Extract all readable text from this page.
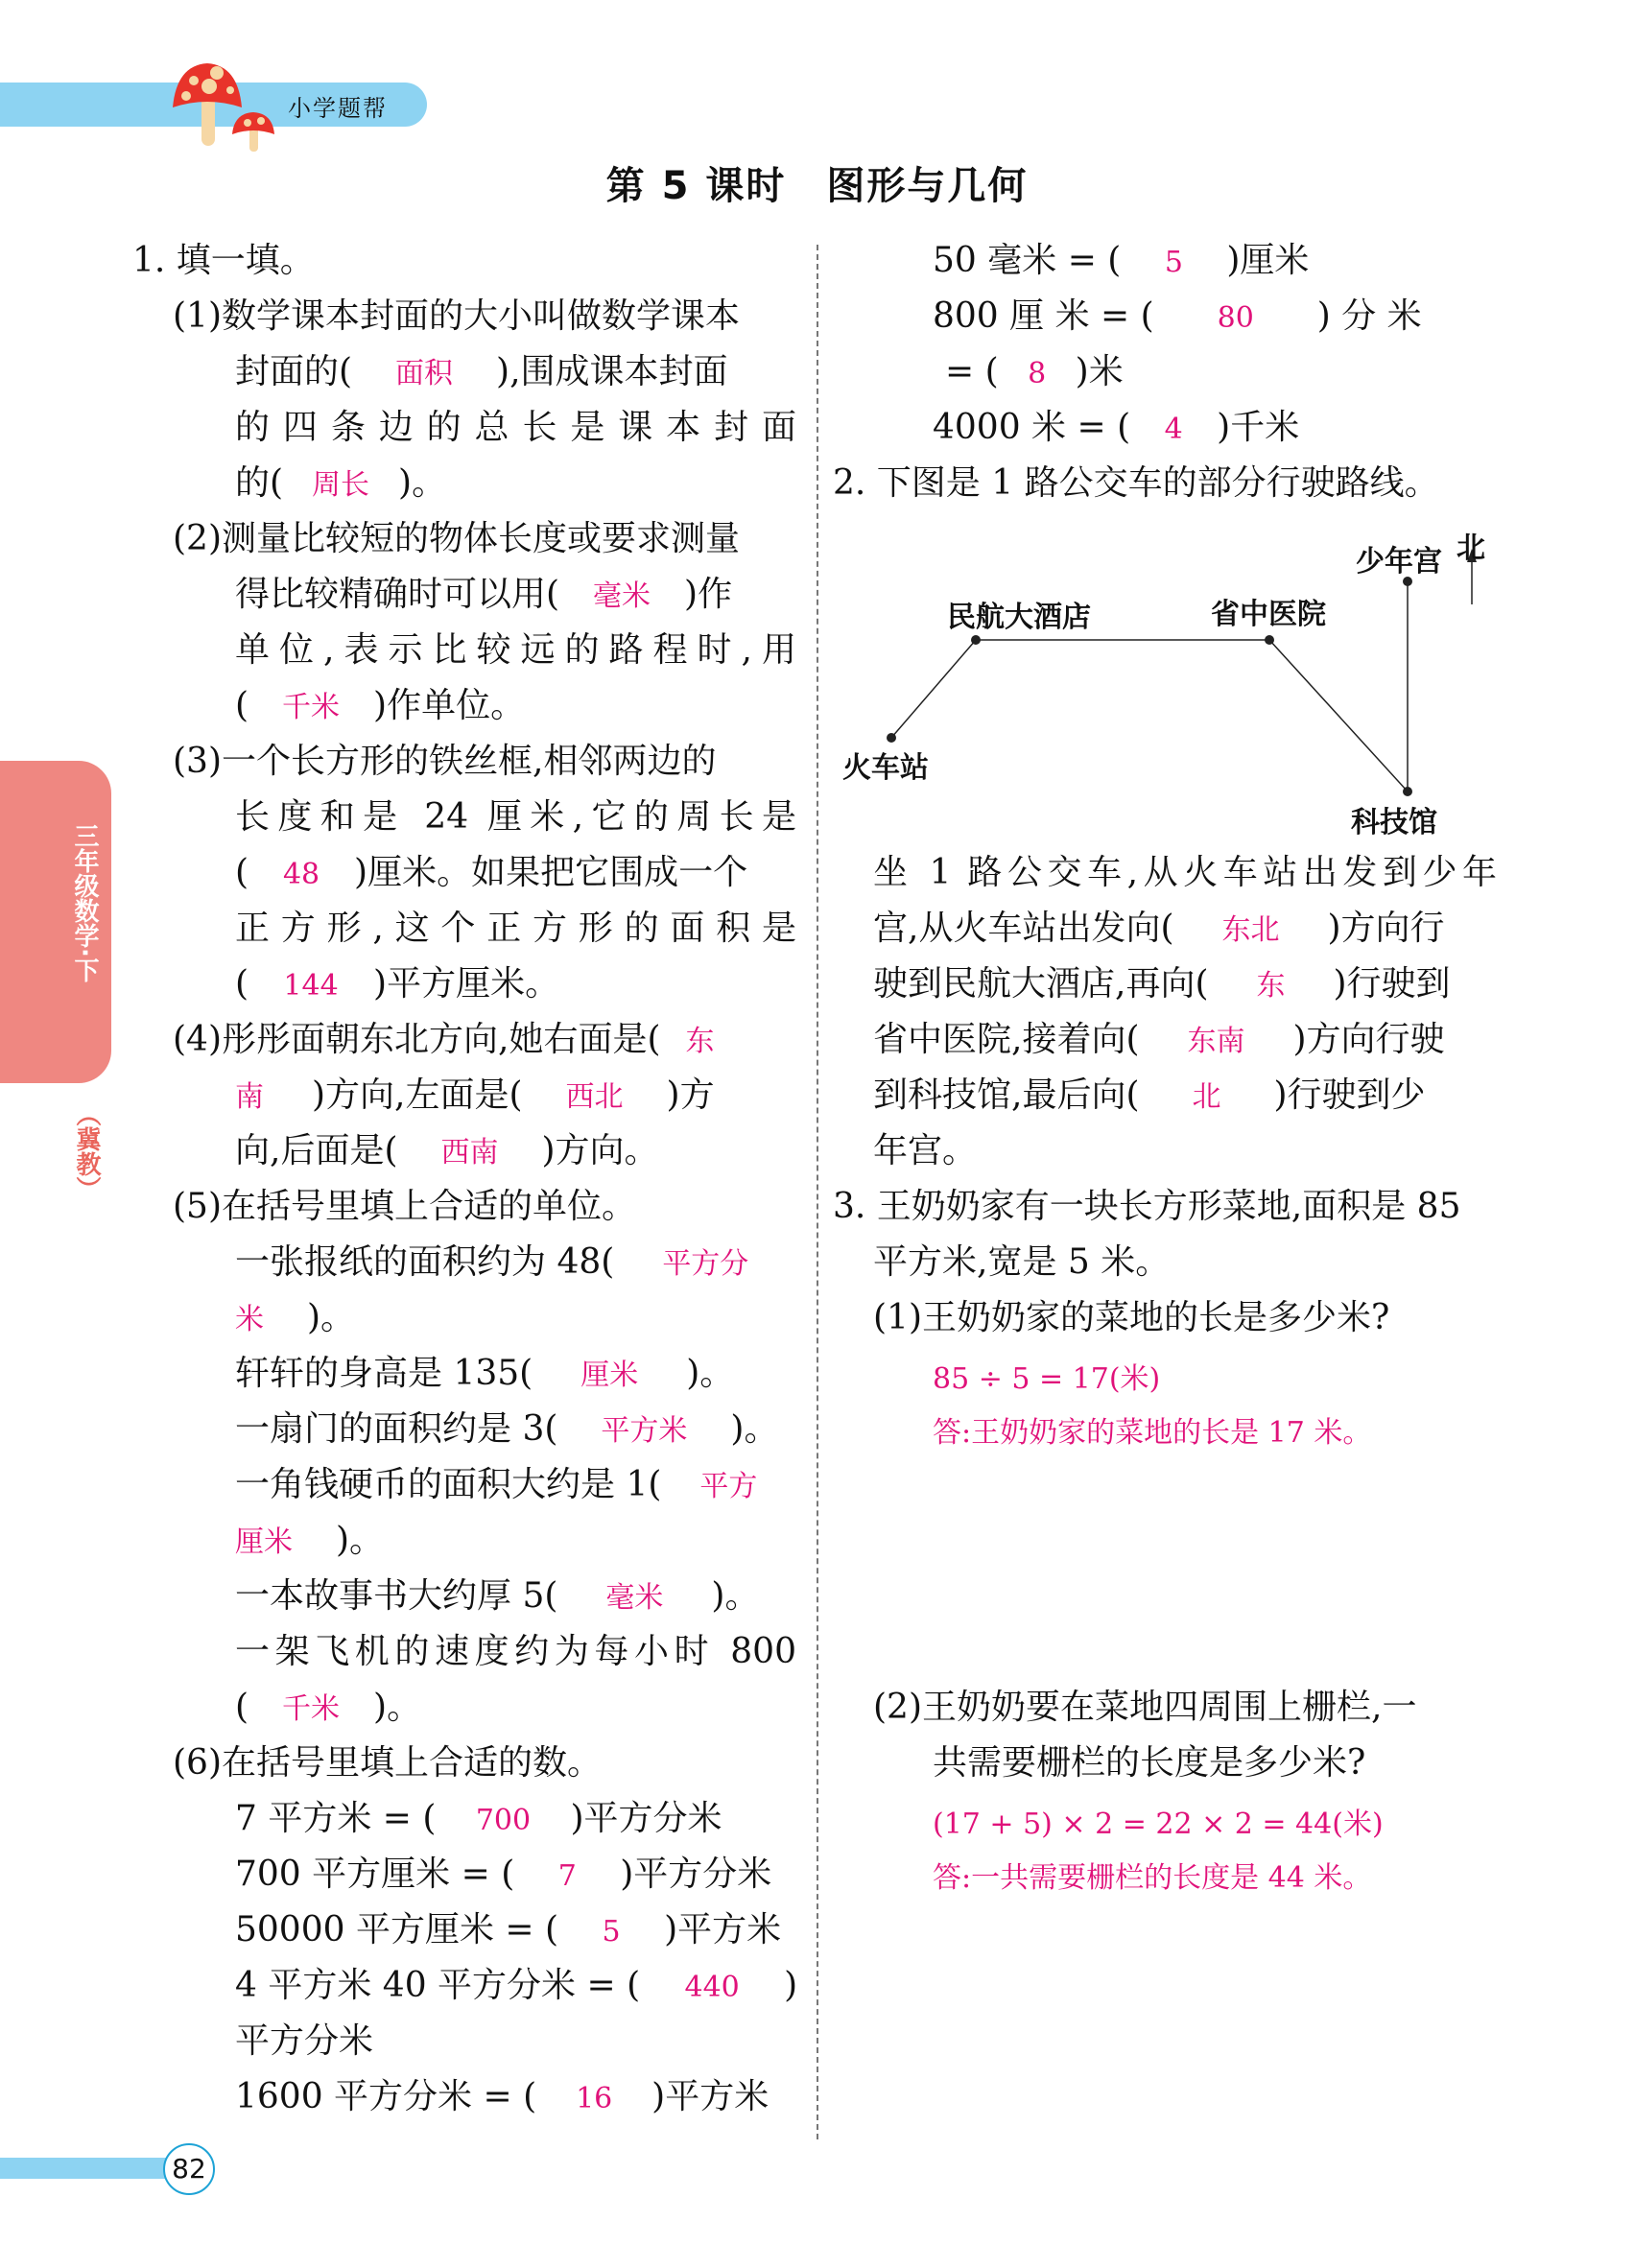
小学题帮
第 5 课时 图形与几何
三年级数学·下
（冀教）
1. 填一填。
(1)数学课本封面的大小叫做数学课本
封面的( 面积 ),围成课本封面
的四条边的总长是课本封面
的( 周长 )。
(2)测量比较短的物体长度或要求测量
得比较精确时可以用( 毫米 )作
单位,表示比较远的路程时,用
( 千米 )作单位。
(3)一个长方形的铁丝框,相邻两边的
长度和是 24 厘米,它的周长是
( 48 )厘米。如果把它围成一个
正方形,这个正方形的面积是
( 144 )平方厘米。
(4)彤彤面朝东北方向,她右面是( 东
南 )方向,左面是( 西北 )方
向,后面是( 西南 )方向。
(5)在括号里填上合适的单位。
一张报纸的面积约为 48( 平方分
米 )。
轩轩的身高是 135( 厘米 )。
一扇门的面积约是 3( 平方米 )。
一角钱硬币的面积大约是 1( 平方
厘米 )。
一本故事书大约厚 5( 毫米 )。
一架飞机的速度约为每小时 800
( 千米 )。
(6)在括号里填上合适的数。
7 平方米 = ( 700 )平方分米
700 平方厘米 = ( 7 )平方分米
50000 平方厘米 = ( 5 )平方米
4 平方米 40 平方分米 = ( 440 )
平方分米
1600 平方分米 = ( 16 )平方米
50 毫米 = ( 5 )厘米
800 厘 米 = ( 80 ) 分 米
= ( 8 )米
4000 米 = ( 4 )千米
2. 下图是 1 路公交车的部分行驶路线。
火车站
民航大酒店	省中医院
科技馆
少年宫 北
坐 1 路公交车,从火车站出发到少年
宫,从火车站出发向( 东北 )方向行
驶到民航大酒店,再向( 东 )行驶到
省中医院,接着向( 东南 )方向行驶
到科技馆,最后向( 北 )行驶到少
年宫。
3. 王奶奶家有一块长方形菜地,面积是 85
平方米,宽是 5 米。
(1)王奶奶家的菜地的长是多少米?
85 ÷ 5 = 17(米)
答:王奶奶家的菜地的长是 17 米。
(2)王奶奶要在菜地四周围上栅栏,一
共需要栅栏的长度是多少米?
(17 + 5) × 2 = 22 × 2 = 44(米)
答:一共需要栅栏的长度是 44 米。
82
